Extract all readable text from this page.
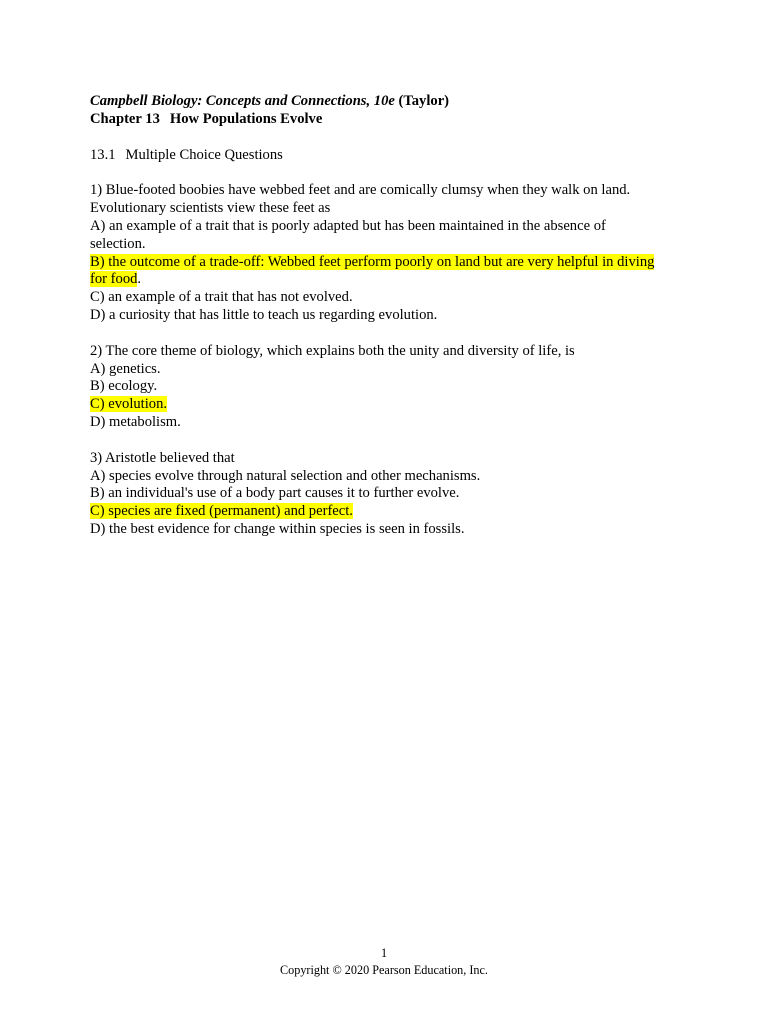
Campbell Biology: Concepts and Connections, 10e (Taylor)
Chapter 13 How Populations Evolve
13.1 Multiple Choice Questions
1) Blue-footed boobies have webbed feet and are comically clumsy when they walk on land.
Evolutionary scientists view these feet as
A) an example of a trait that is poorly adapted but has been maintained in the absence of
selection.
B) the outcome of a trade-off: Webbed feet perform poorly on land but are very helpful in diving
for food.
C) an example of a trait that has not evolved.
D) a curiosity that has little to teach us regarding evolution.
2) The core theme of biology, which explains both the unity and diversity of life, is
A) genetics.
B) ecology.
C) evolution.
D) metabolism.
3) Aristotle believed that
A) species evolve through natural selection and other mechanisms.
B) an individual's use of a body part causes it to further evolve.
C) species are fixed (permanent) and perfect.
D) the best evidence for change within species is seen in fossils.
1
Copyright © 2020 Pearson Education, Inc.
